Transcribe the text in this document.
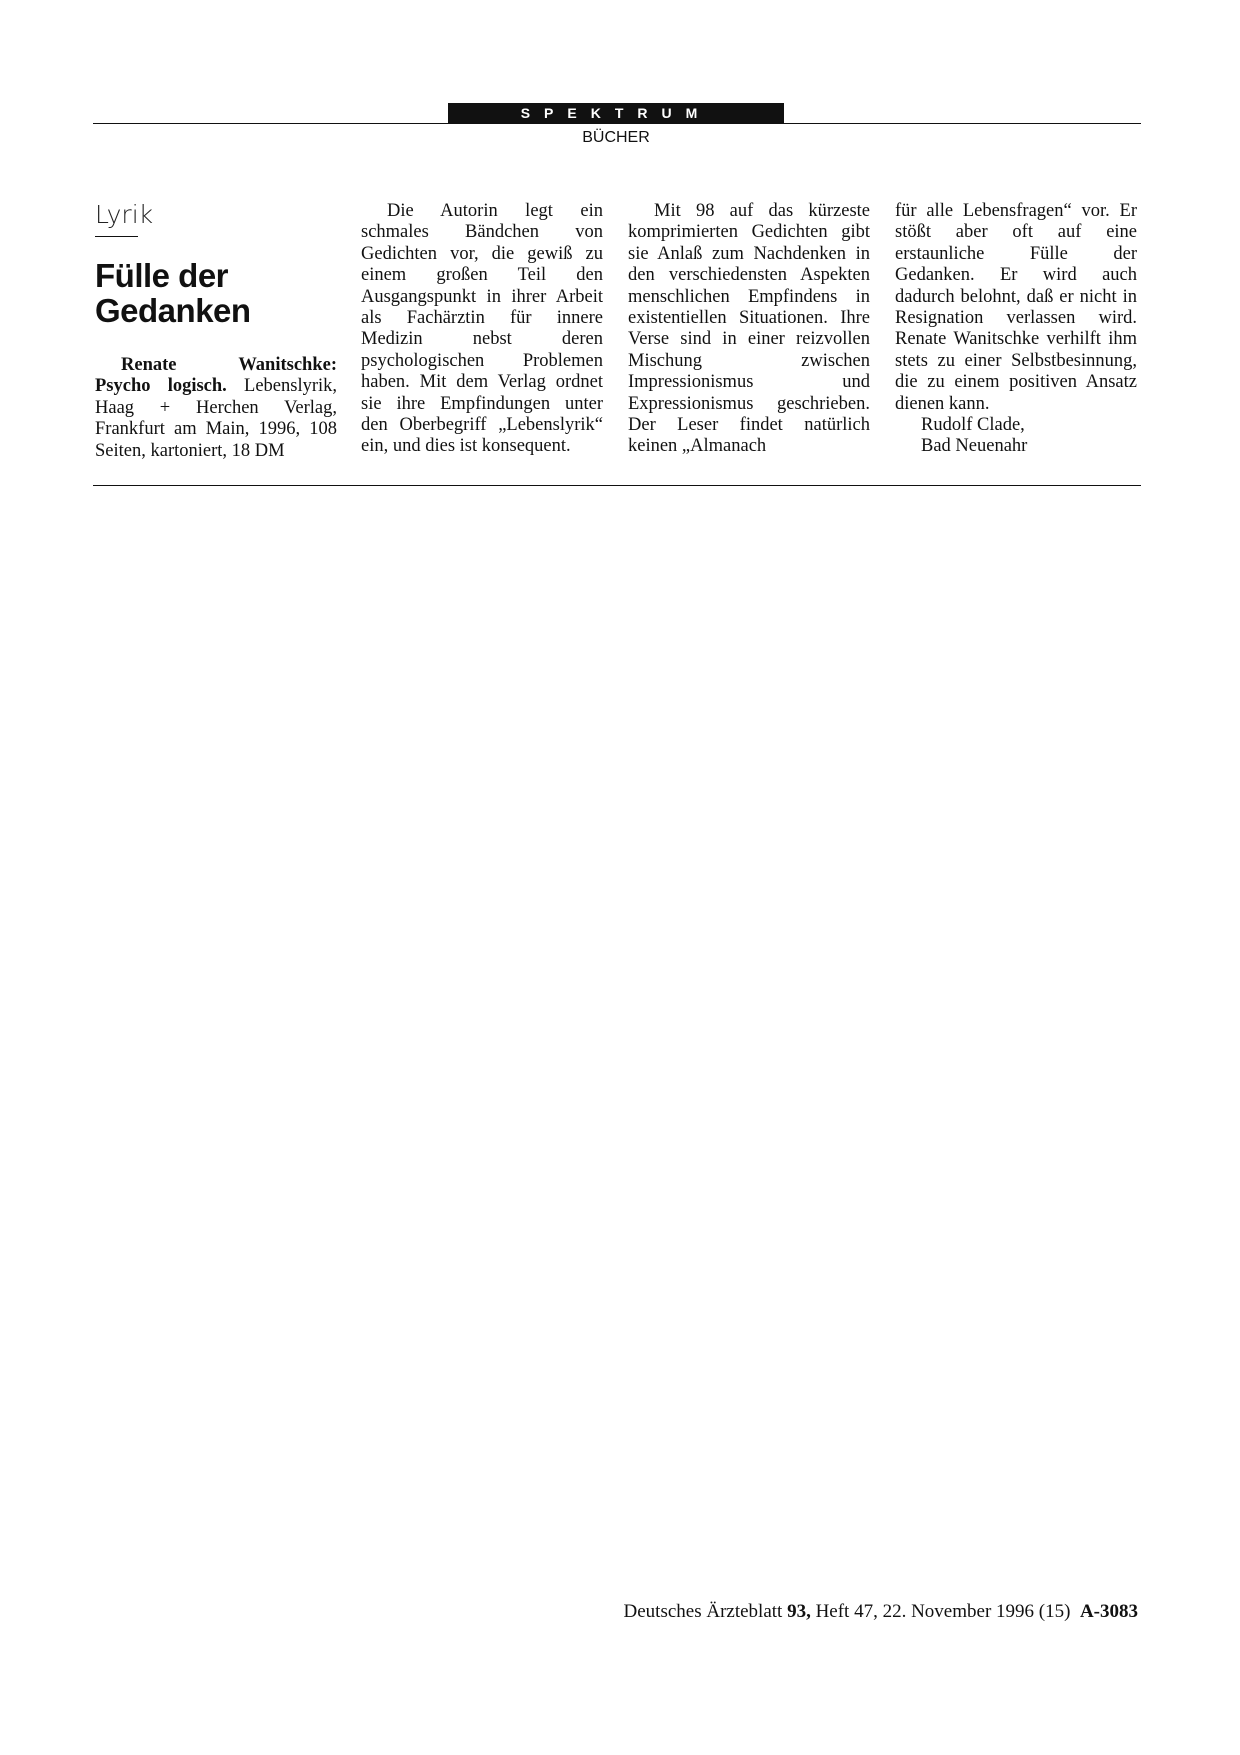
SPEKTRUM
BÜCHER
Lyrik
Fülle der Gedanken

Renate Wanitschke: Psycho logisch. Lebenslyrik, Haag + Herchen Verlag, Frankfurt am Main, 1996, 108 Seiten, kartoniert, 18 DM

Die Autorin legt ein schmales Bändchen von Gedichten vor, die gewiß zu einem großen Teil den Ausgangspunkt in ihrer Arbeit als Fachärztin für innere Medizin nebst deren psychologischen Problemen haben. Mit dem Verlag ordnet sie ihre Empfindungen unter den Oberbegriff „Lebenslyrik“ ein, und dies ist konsequent.

Mit 98 auf das kürzeste komprimierten Gedichten gibt sie Anlaß zum Nachdenken in den verschiedensten Aspekten menschlichen Empfindens in existentiellen Situationen. Ihre Verse sind in einer reizvollen Mischung zwischen Impressionismus und Expressionismus geschrieben. Der Leser findet natürlich keinen „Almanach

für alle Lebensfragen“ vor. Er stößt aber oft auf eine erstaunliche Fülle der Gedanken. Er wird auch dadurch belohnt, daß er nicht in Resignation verlassen wird. Renate Wanitschke verhilft ihm stets zu einer Selbstbesinnung, die zu einem positiven Ansatz dienen kann.

Rudolf Clade,

Bad Neuenahr

Deutsches Ärzteblatt 93, Heft 47, 22. November 1996 (15) A-3083
